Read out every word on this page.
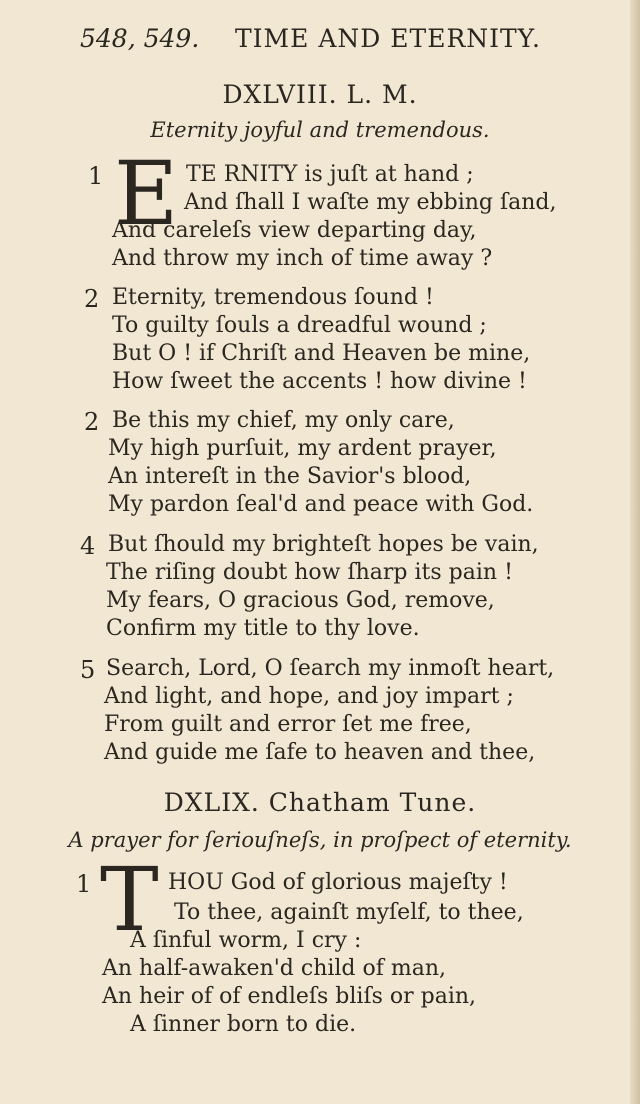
548, 549. TIME AND ETERNITY.
DXLVIII. L. M.
Eternity joyful and tremendous.
1 E TE RNITY is juſt at hand ;
And ſhall I waſte my ebbing ſand,
And careleſs view departing day,
And throw my inch of time away ?
2 Eternity, tremendous ſound !
To guilty ſouls a dreadful wound ;
But O ! if Chriſt and Heaven be mine,
How ſweet the accents ! how divine !
2 Be this my chief, my only care,
My high purſuit, my ardent prayer,
An intereſt in the Savior's blood,
My pardon ſeal'd and peace with God.
4 But ſhould my brighteſt hopes be vain,
The riſing doubt how ſharp its pain !
My fears, O gracious God, remove,
Confirm my title to thy love.
5 Search, Lord, O ſearch my inmoſt heart,
And light, and hope, and joy impart ;
From guilt and error ſet me free,
And guide me ſafe to heaven and thee,
DXLIX. Chatham Tune.
A prayer for ſeriouſneſs, in proſpect of eternity.
1 T HOU God of glorious majeſty !
To thee, againſt myſelf, to thee,
A ſinful worm, I cry :
An half-awaken'd child of man,
An heir of of endleſs bliſs or pain,
A ſinner born to die.
